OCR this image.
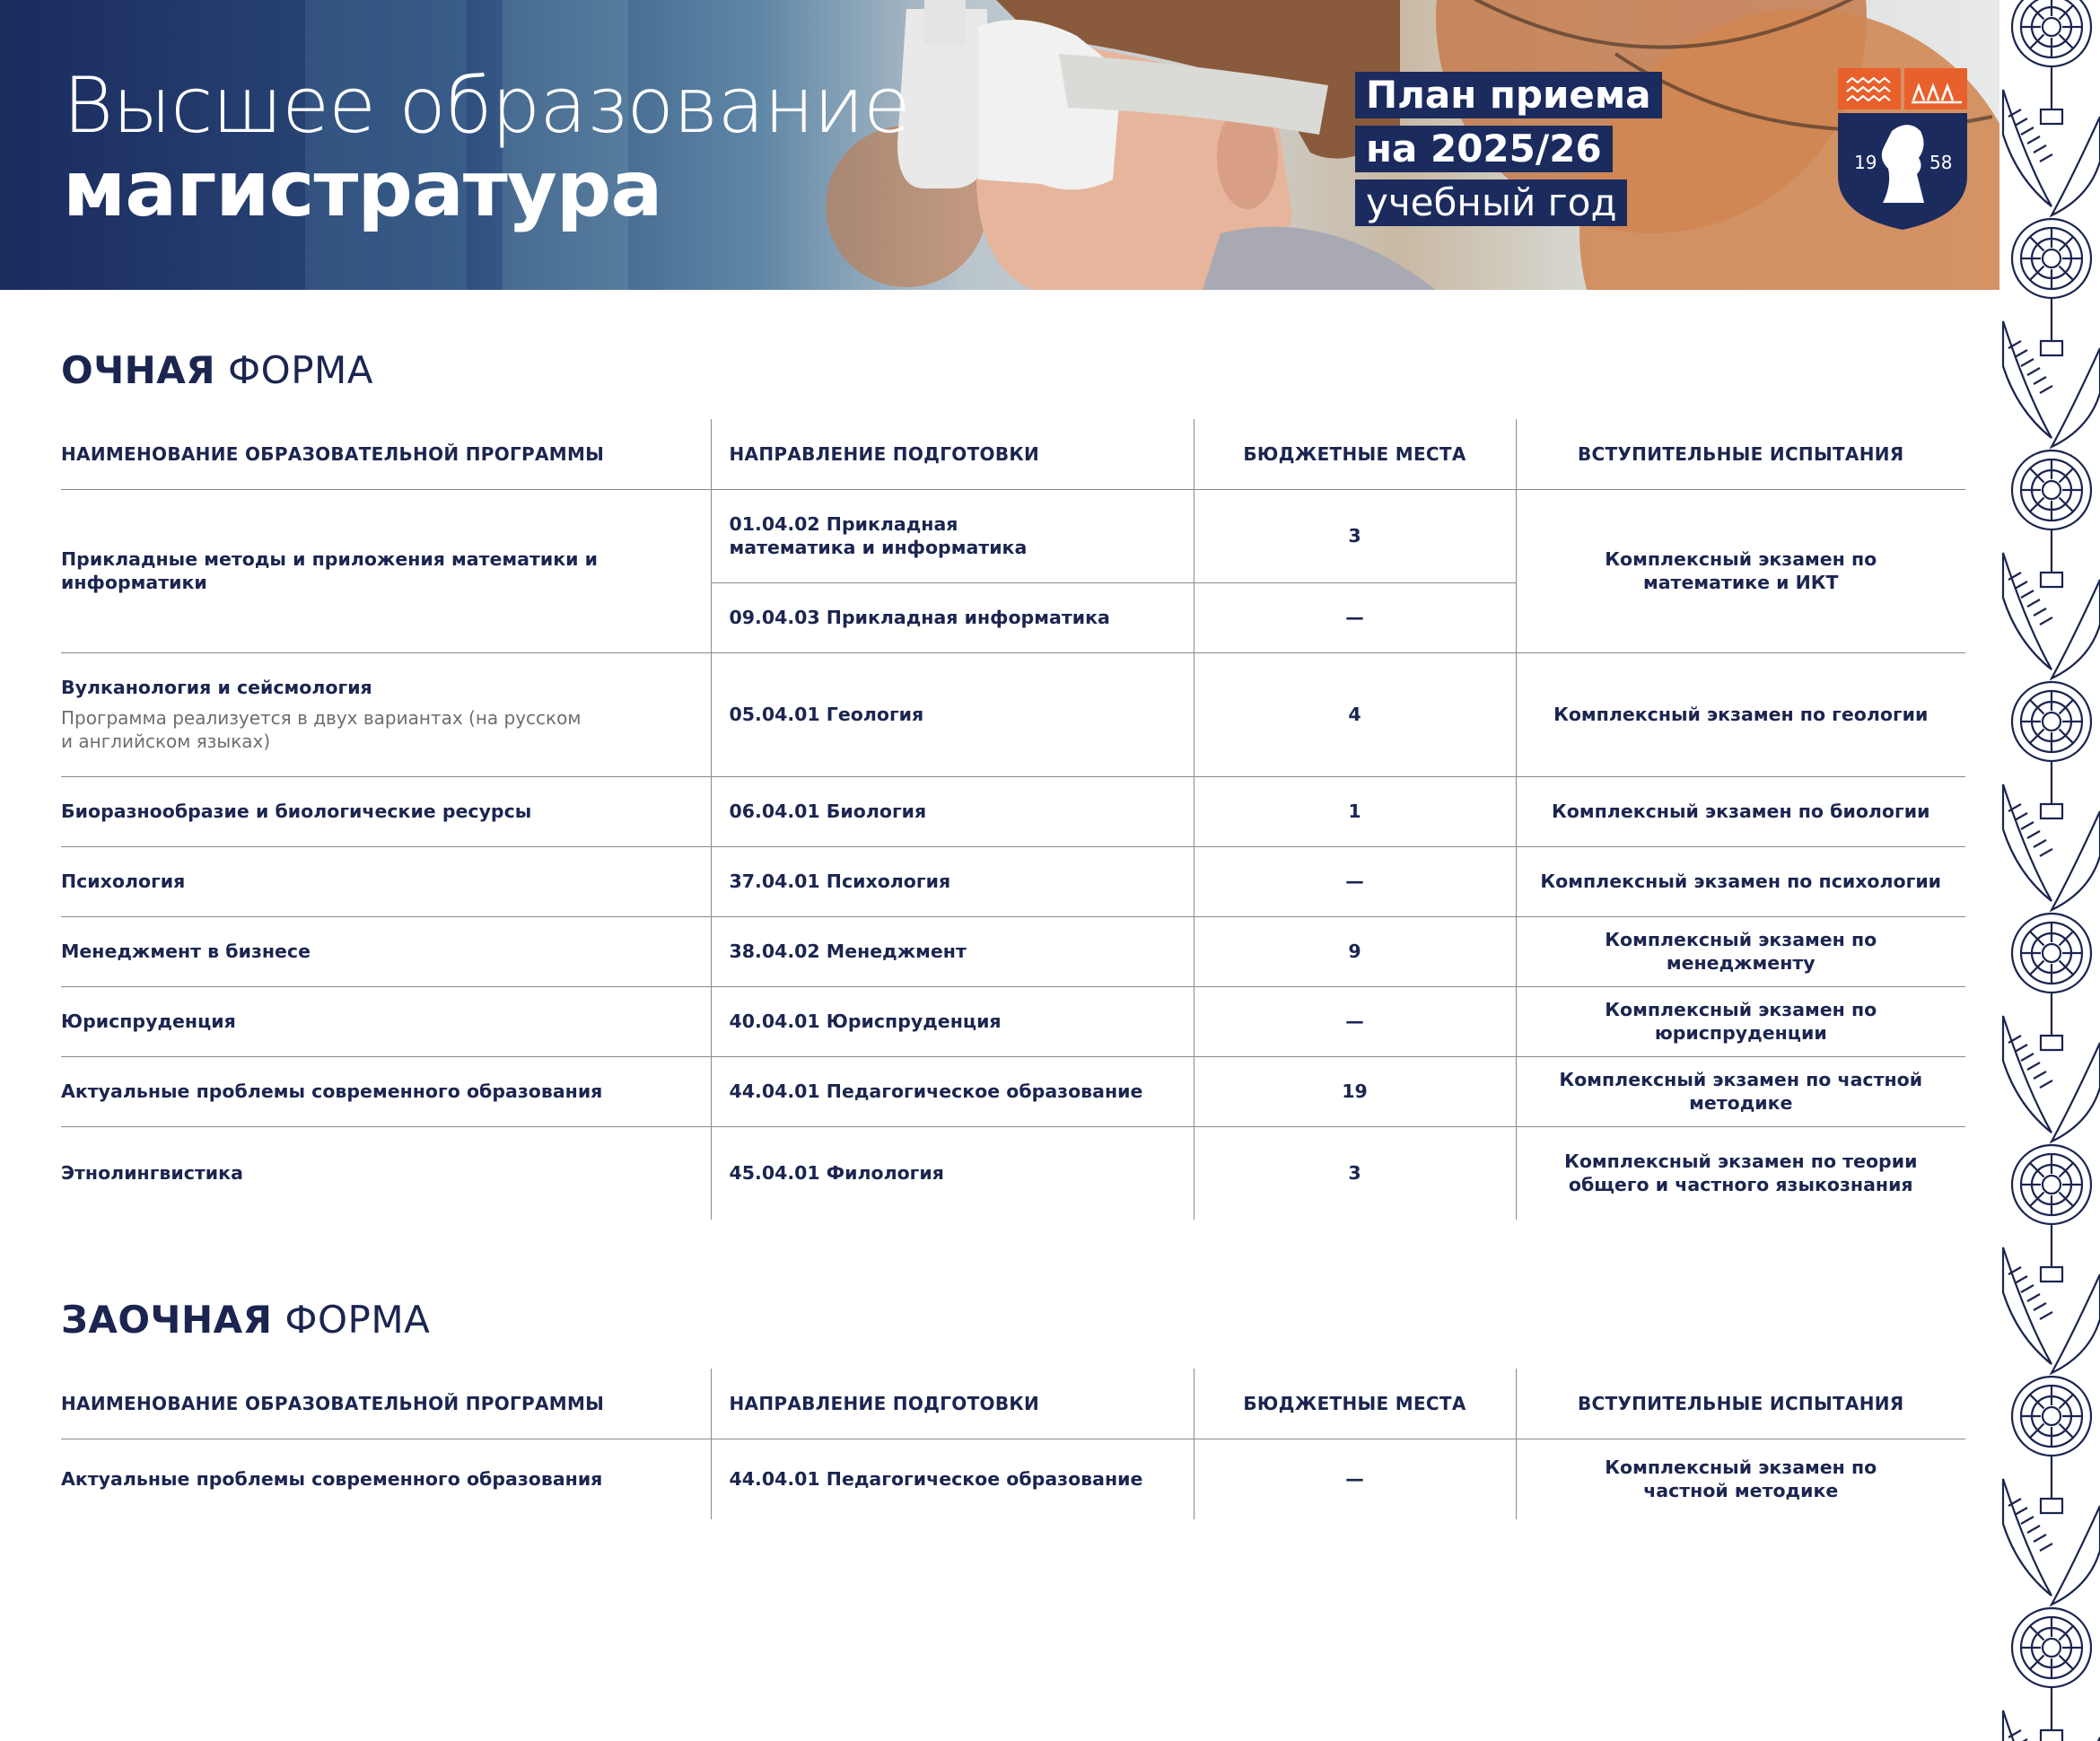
Высшее образование
магистратура
План приема
на 2025/26
учебный год
19	58
ОЧНАЯ ФОРМА
НАИМЕНОВАНИЕ ОБРАЗОВАТЕЛЬНОЙ ПРОГРАММЫ	НАПРАВЛЕНИЕ ПОДГОТОВКИ	БЮДЖЕТНЫЕ МЕСТА	ВСТУПИТЕЛЬНЫЕ ИСПЫТАНИЯ
Прикладные методы и приложения математики и информатики	01.04.02 Прикладная математика и информатика	3	Комплексный экзамен по математике и ИКТ
	09.04.03 Прикладная информатика	—	
Вулканология и сейсмология
Программа реализуется в двух вариантах (на русском и английском языках)	05.04.01 Геология	4	Комплексный экзамен по геологии
Биоразнообразие и биологические ресурсы	06.04.01 Биология	1	Комплексный экзамен по биологии
Психология	37.04.01 Психология	—	Комплексный экзамен по психологии
Менеджмент в бизнесе	38.04.02 Менеджмент	9	Комплексный экзамен по менеджменту
Юриспруденция	40.04.01 Юриспруденция	—	Комплексный экзамен по юриспруденции
Актуальные проблемы современного образования	44.04.01 Педагогическое образование	19	Комплексный экзамен по частной методике
Этнолингвистика	45.04.01 Филология	3	Комплексный экзамен по теории общего и частного языкознания
ЗАОЧНАЯ ФОРМА
НАИМЕНОВАНИЕ ОБРАЗОВАТЕЛЬНОЙ ПРОГРАММЫ	НАПРАВЛЕНИЕ ПОДГОТОВКИ	БЮДЖЕТНЫЕ МЕСТА	ВСТУПИТЕЛЬНЫЕ ИСПЫТАНИЯ
Актуальные проблемы современного образования	44.04.01 Педагогическое образование	—	Комплексный экзамен по частной методике
